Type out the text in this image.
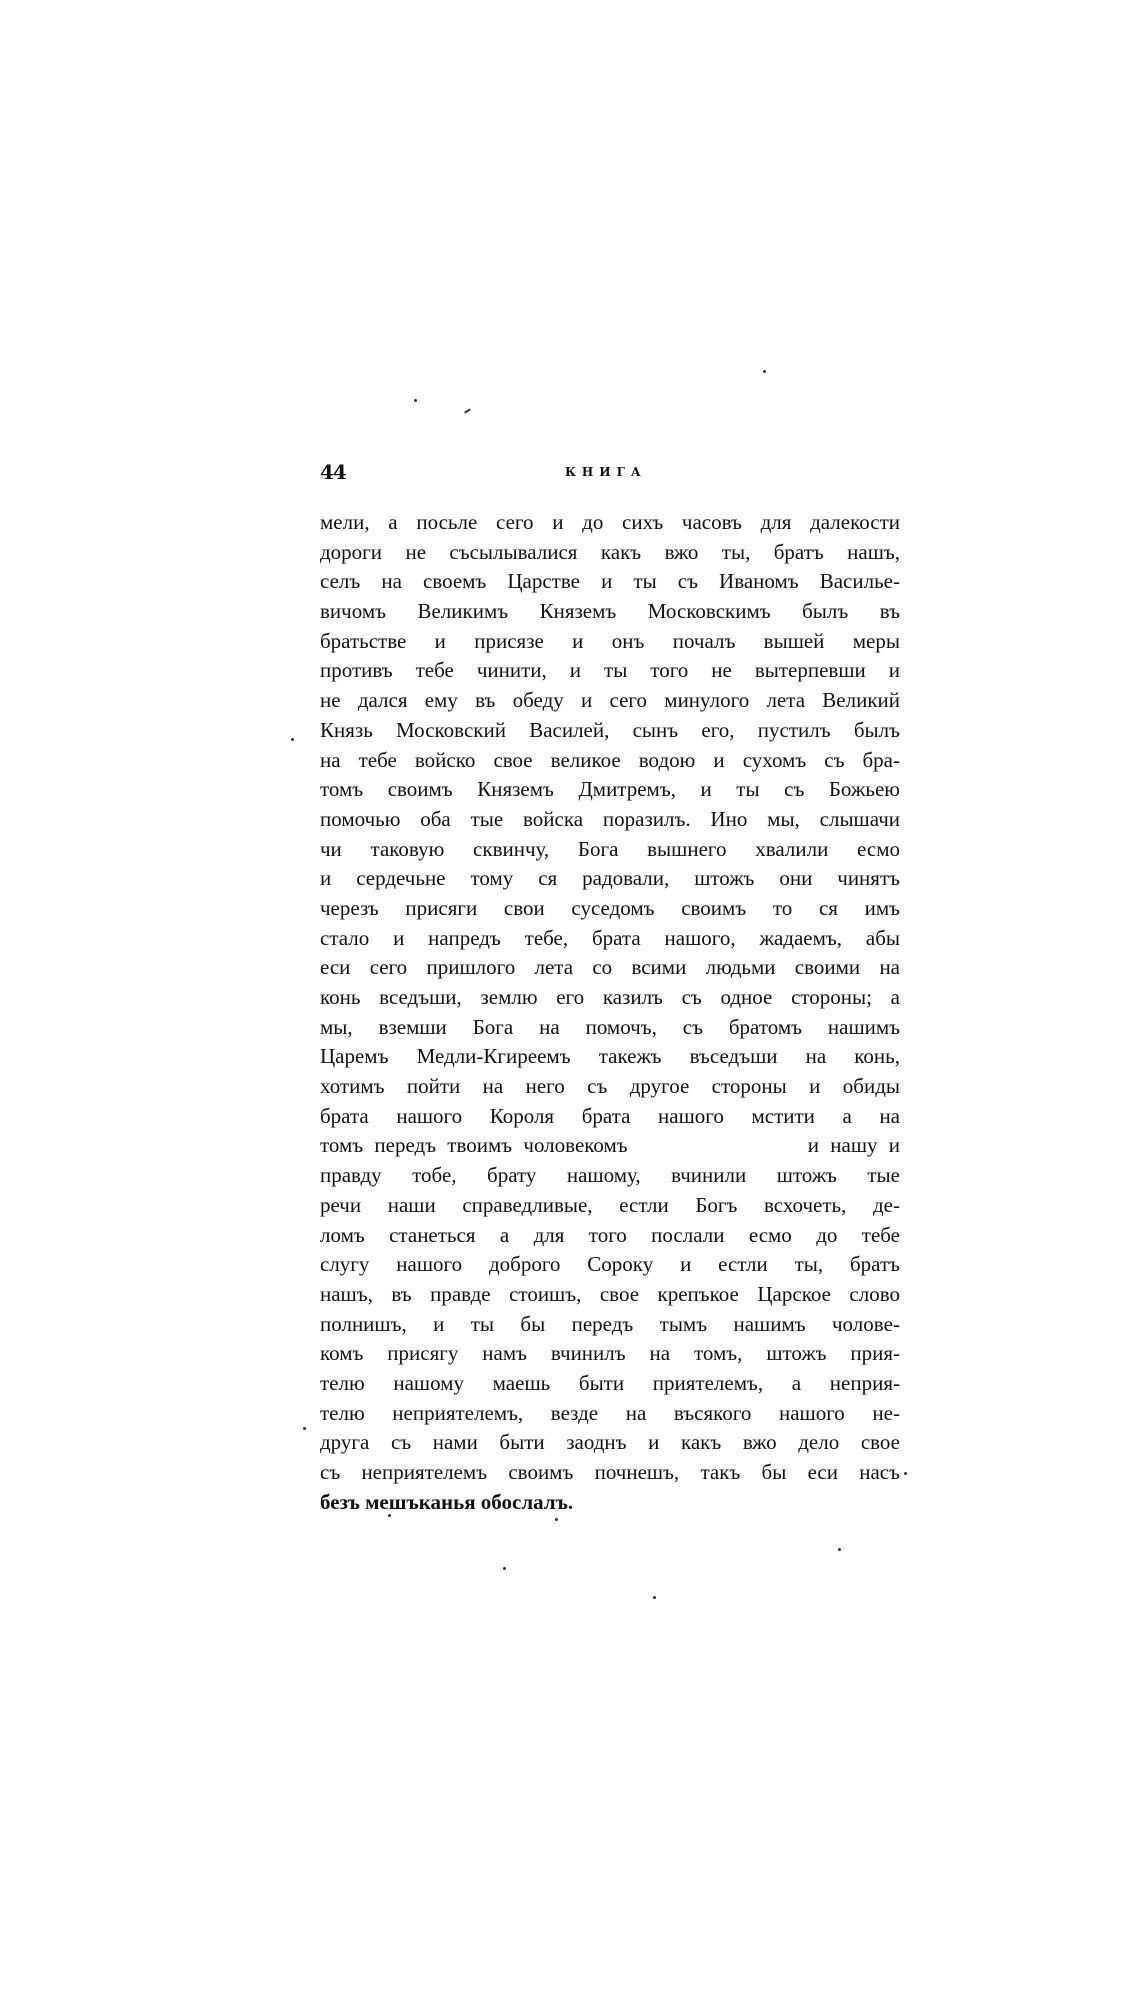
44	КНИГА
мели, а посьле сего и до сихъ часовъ для далекости
дороги не съсылывалися какъ вжо ты, братъ нашъ,
селъ на своемъ Царстве и ты съ Иваномъ Василье-
вичомъ Великимъ Княземъ Московскимъ былъ въ
братьстве и присязе и онъ почалъ вышей меры
противъ тебе чинити, и ты того не вытерпевши и
не дался ему въ обеду и сего минулого лета Великий
Князь Московский Василей, сынъ его, пустилъ былъ
на тебе войско свое великое водою и сухомъ съ бра-
томъ своимъ Княземъ Дмитремъ, и ты съ Божьею
помочью оба тые войска поразилъ. Ино мы, слышачи
чи таковую сквинчу, Бога вышнего хвалили есмо
и сердечьне тому ся радовали, штожъ они чинятъ
черезъ присяги свои суседомъ своимъ то ся имъ
стало и напредъ тебе, брата нашого, жадаемъ, абы
еси сего пришлого лета со всими людьми своими на
конь вседъши, землю его казилъ съ одное стороны; а
мы, вземши Бога на помочъ, съ братомъ нашимъ
Царемъ Медли-Кгиреемъ такежъ въседъши на конь,
хотимъ пойти на него съ другое стороны и обиды
брата нашого Короля брата нашого мстити а на
томъ передъ твоимъ чоловекомъ                и нашу и
правду тобе, брату нашому, вчинили штожъ тые
речи наши справедливые, естли Богъ всхочеть, де-
ломъ станеться а для того послали есмо до тебе
слугу нашого доброго Сороку и естли ты, братъ
нашъ, въ правде стоишъ, свое крепъкое Царское слово
полнишъ, и ты бы передъ тымъ нашимъ чоловe-
комъ присягу намъ вчинилъ на томъ, штожъ прия-
телю нашому маешь быти приятелемъ, а неприя-
телю неприятелемъ, везде на въсякого нашого не-
друга съ нами быти заоднъ и какъ вжо дело свое
съ неприятелемъ своимъ почнешъ, такъ бы еси насъ
безъ мешъканья обослалъ.
